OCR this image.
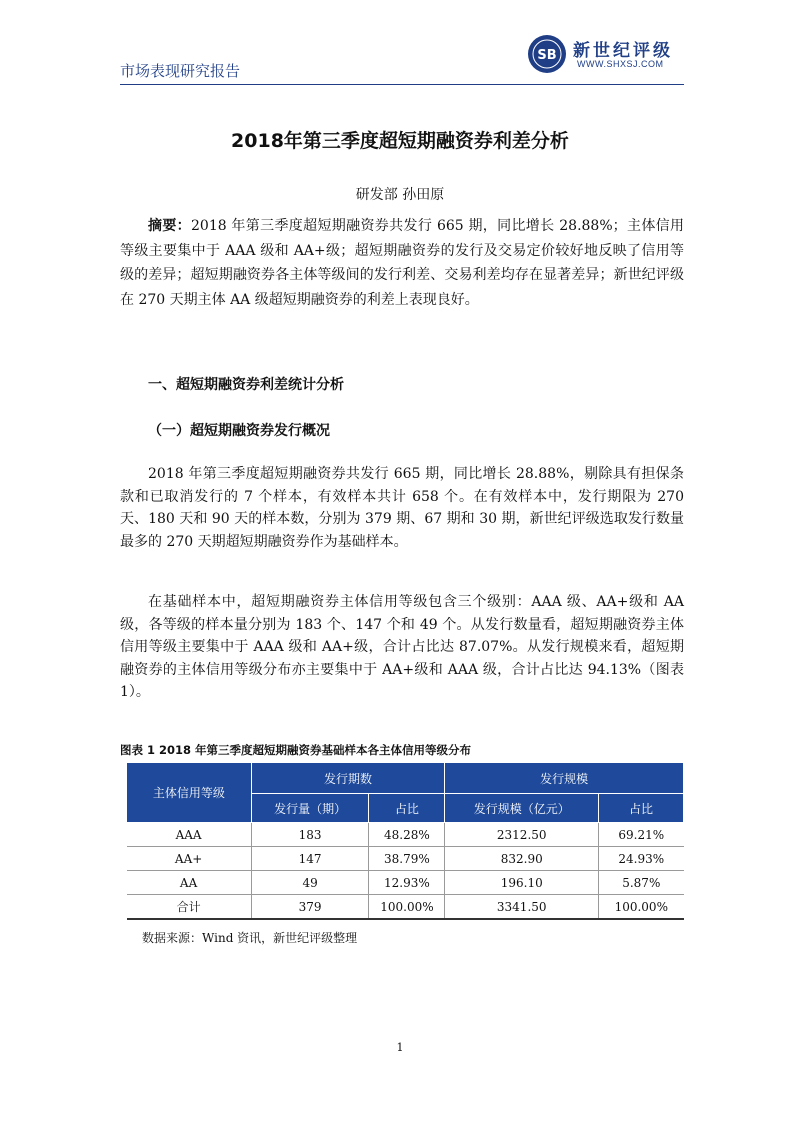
市场表现研究报告
SB 新世纪评级
WWW.SHXSJ.COM
2018年第三季度超短期融资券利差分析
研发部 孙田原

摘要：2018 年第三季度超短期融资券共发行 665 期，同比增长 28.88%；主体信用等级主要集中于 AAA 级和 AA+级；超短期融资券的发行及交易定价较好地反映了信用等级的差异；超短期融资券各主体等级间的发行利差、交易利差均存在显著差异；新世纪评级在 270 天期主体 AA 级超短期融资券的利差上表现良好。

一、超短期融资券利差统计分析
（一）超短期融资券发行概况

2018 年第三季度超短期融资券共发行 665 期，同比增长 28.88%，剔除具有担保条款和已取消发行的 7 个样本，有效样本共计 658 个。在有效样本中，发行期限为 270 天、180 天和 90 天的样本数，分别为 379 期、67 期和 30 期，新世纪评级选取发行数量最多的 270 天期超短期融资券作为基础样本。

在基础样本中，超短期融资券主体信用等级包含三个级别：AAA 级、AA+级和 AA 级，各等级的样本量分别为 183 个、147 个和 49 个。从发行数量看，超短期融资券主体信用等级主要集中于 AAA 级和 AA+级，合计占比达 87.07%。从发行规模来看，超短期融资券的主体信用等级分布亦主要集中于 AA+级和 AAA 级，合计占比达 94.13%（图表 1）。

图表 1 2018 年第三季度超短期融资券基础样本各主体信用等级分布
主体信用等级	发行期数		发行规模	
	发行量（期）	占比	发行规模（亿元）	占比
AAA	183	48.28%	2312.50	69.21%
AA+	147	38.79%	832.90	24.93%
AA	49	12.93%	196.10	5.87%
合计	379	100.00%	3341.50	100.00%
数据来源：Wind 资讯，新世纪评级整理
1
